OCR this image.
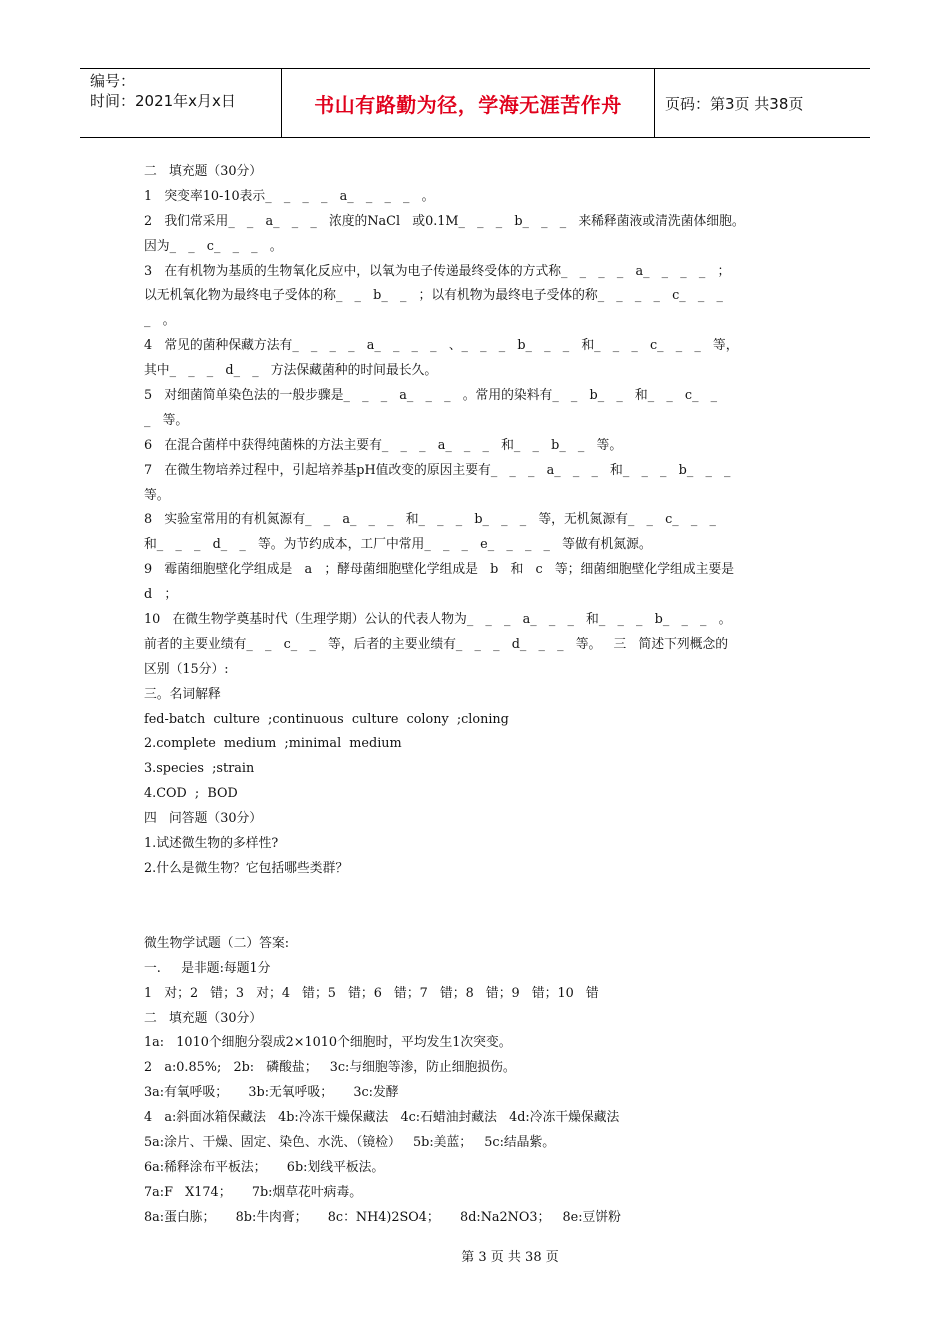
编号：
时间：2021年x月x日	书山有路勤为径，学海无涯苦作舟	页码：第3页 共38页
二   填充题（30分）
1   突变率10-10表示_   _   _   _   a_   _   _   _   。
2   我们常采用_   _   a_   _   _   浓度的NaCl   或0.1M_   _   _   b_   _   _   来稀释菌液或清洗菌体细胞。
因为_   _   c_   _   _   。
3   在有机物为基质的生物氧化反应中，以氧为电子传递最终受体的方式称_   _   _   _   a_   _   _   _   ；
以无机氧化物为最终电子受体的称_   _   b_   _   ；以有机物为最终电子受体的称_   _   _   _   c_   _   _
_   。
4   常见的菌种保藏方法有_   _   _   _   a_   _   _   _   、_   _   _   b_   _   _   和_   _   _   c_   _   _   等，
其中_   _   _   d_   _   方法保藏菌种的时间最长久。
5   对细菌简单染色法的一般步骤是_   _   _   a_   _   _   。常用的染料有_   _   b_   _   和_   _   c_   _
_   等。
6   在混合菌样中获得纯菌株的方法主要有_   _   _   a_   _   _   和_   _   b_   _   等。
7   在微生物培养过程中，引起培养基pH值改变的原因主要有_   _   _   a_   _   _   和_   _   _   b_   _   _
等。
8   实验室常用的有机氮源有_   _   a_   _   _   和_   _   _   b_   _   _   等，无机氮源有_   _   c_   _   _
和_   _   _   d_   _   等。为节约成本，工厂中常用_   _   _   e_   _   _   _   等做有机氮源。
9   霉菌细胞壁化学组成是   a   ；酵母菌细胞壁化学组成是   b   和   c   等；细菌细胞壁化学组成主要是
d   ；
10   在微生物学奠基时代（生理学期）公认的代表人物为_   _   _   a_   _   _   和_   _   _   b_   _   _   。
前者的主要业绩有_   _   c_   _   等，后者的主要业绩有_   _   _   d_   _   _   等。   三   简述下列概念的
区别（15分）:
三。名词解释
fed-batch  culture  ;continuous  culture  colony  ;cloning
2.complete  medium  ;minimal  medium
3.species  ;strain
4.COD  ;  BOD
四   问答题（30分）
1.试述微生物的多样性?
2.什么是微生物？它包括哪些类群？
微生物学试题（二）答案:
一.     是非题:每题1分
1   对；2   错；3   对；4   错；5   错；6   错；7   错；8   错；9   错；10   错
二   填充题（30分）
1a:   1010个细胞分裂成2×1010个细胞时，平均发生1次突变。
2   a:0.85%;   2b:   磷酸盐；   3c:与细胞等渗，防止细胞损伤。
3a:有氧呼吸；     3b:无氧呼吸；     3c:发酵
4   a:斜面冰箱保藏法   4b:冷冻干燥保藏法   4c:石蜡油封藏法   4d:冷冻干燥保藏法
5a:涂片、干燥、固定、染色、水洗、（镜检）   5b:美蓝；   5c:结晶紫。
6a:稀释涂布平板法；     6b:划线平板法。
7a:F   X174；     7b:烟草花叶病毒。
8a:蛋白胨；     8b:牛肉膏；     8c：NH4)2SO4；     8d:Na2NO3；   8e:豆饼粉
第 3 页 共 38 页
